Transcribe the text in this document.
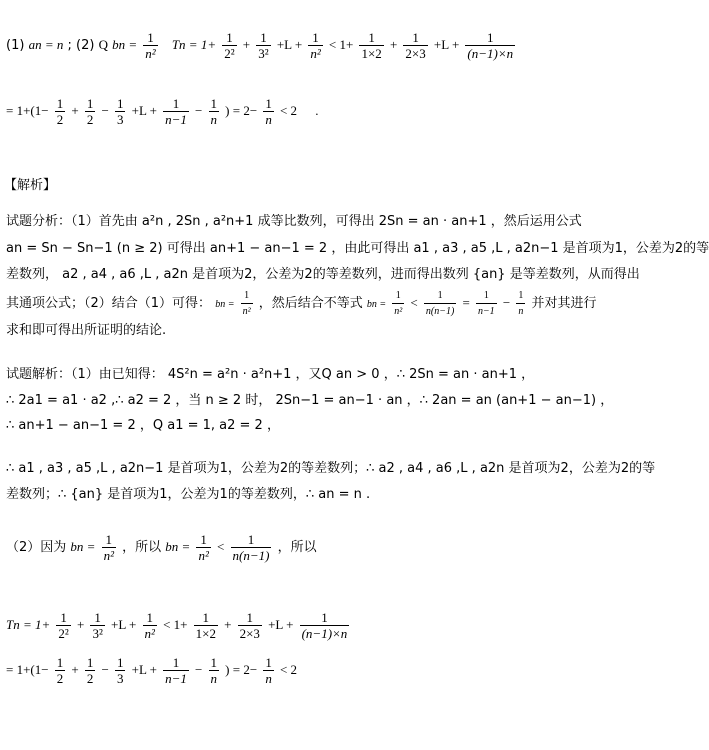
(1) an = n ; (2) Q bn = $\frac{1}{\text{n²}}$ $Tn = 1+ \frac{1}{\text{2²}} + \frac{1}{\text{3²}} +L + \frac{1}{\text{n²}} < 1+ \frac{1}{1\times 2} + \frac{1}{2\times 3} +L + \frac{1}{(n-1)\times n}$
= $1+(1- \frac{1}{2} + \frac{1}{2} - \frac{1}{3} +L + \frac{1}{n-1} - \frac{1}{n}$ ) = $2- \frac{1}{n} < 2$ .
【解析】
试题分析：（1）首先由 a²n , 2Sn , a²n+1 成等比数列，可得出 2Sn = an · an+1 ，然后运用公式
an = Sn − Sn−1 (n ≥ 2) 可得出 an+1 − an−1 = 2 ，由此可得出 a1 , a3 , a5 ,L , a2n−1 是首项为1，公差为2的等
差数列， a2 , a4 , a6 ,L , a2n 是首项为2，公差为2的等差数列，进而得出数列 {an} 是等差数列，从而得出
其通项公式；（2）结合（1）可得： bn = $\frac{1}{\text{n²}}$ ，然后结合不等式 bn = $\frac{1}{\text{n²}} < \frac{1}{n(n-1)} = \frac{1}{n-1} - \frac{1}{n}$ 并对其进行
求和即可得出所证明的结论.
试题解析：（1）由已知得： 4S²n = a²n · a²n+1 ，又Q an > 0 ，∴ 2Sn = an · an+1 ，
∴ 2a1 = a1 · a2 ,∴ a2 = 2 ，当 n ≥ 2 时， 2Sn−1 = an−1 · an ，∴ 2an = an (an+1 − an−1) ，
∴ an+1 − an−1 = 2 ，Q a1 = 1, a2 = 2 ，
∴ a1 , a3 , a5 ,L , a2n−1 是首项为1，公差为2的等差数列；∴ a2 , a4 , a6 ,L , a2n 是首项为2，公差为2的等
差数列；∴ {an} 是首项为1，公差为1的等差数列，∴ an = n .
（2）因为 bn = $\frac{1}{\text{n²}}$ ，所以 bn = $\frac{1}{\text{n²}} < \frac{1}{n(n-1)}$ ，所以
$Tn = 1+ \frac{1}{\text{2²}} + \frac{1}{\text{3²}} +L + \frac{1}{\text{n²}} < 1+ \frac{1}{1\times 2} + \frac{1}{2\times 3} +L + \frac{1}{(n-1)\times n}$
= $1+(1- \frac{1}{2} + \frac{1}{2} - \frac{1}{3} +L + \frac{1}{n-1} - \frac{1}{n}$ ) = $2- \frac{1}{n} < 2$
